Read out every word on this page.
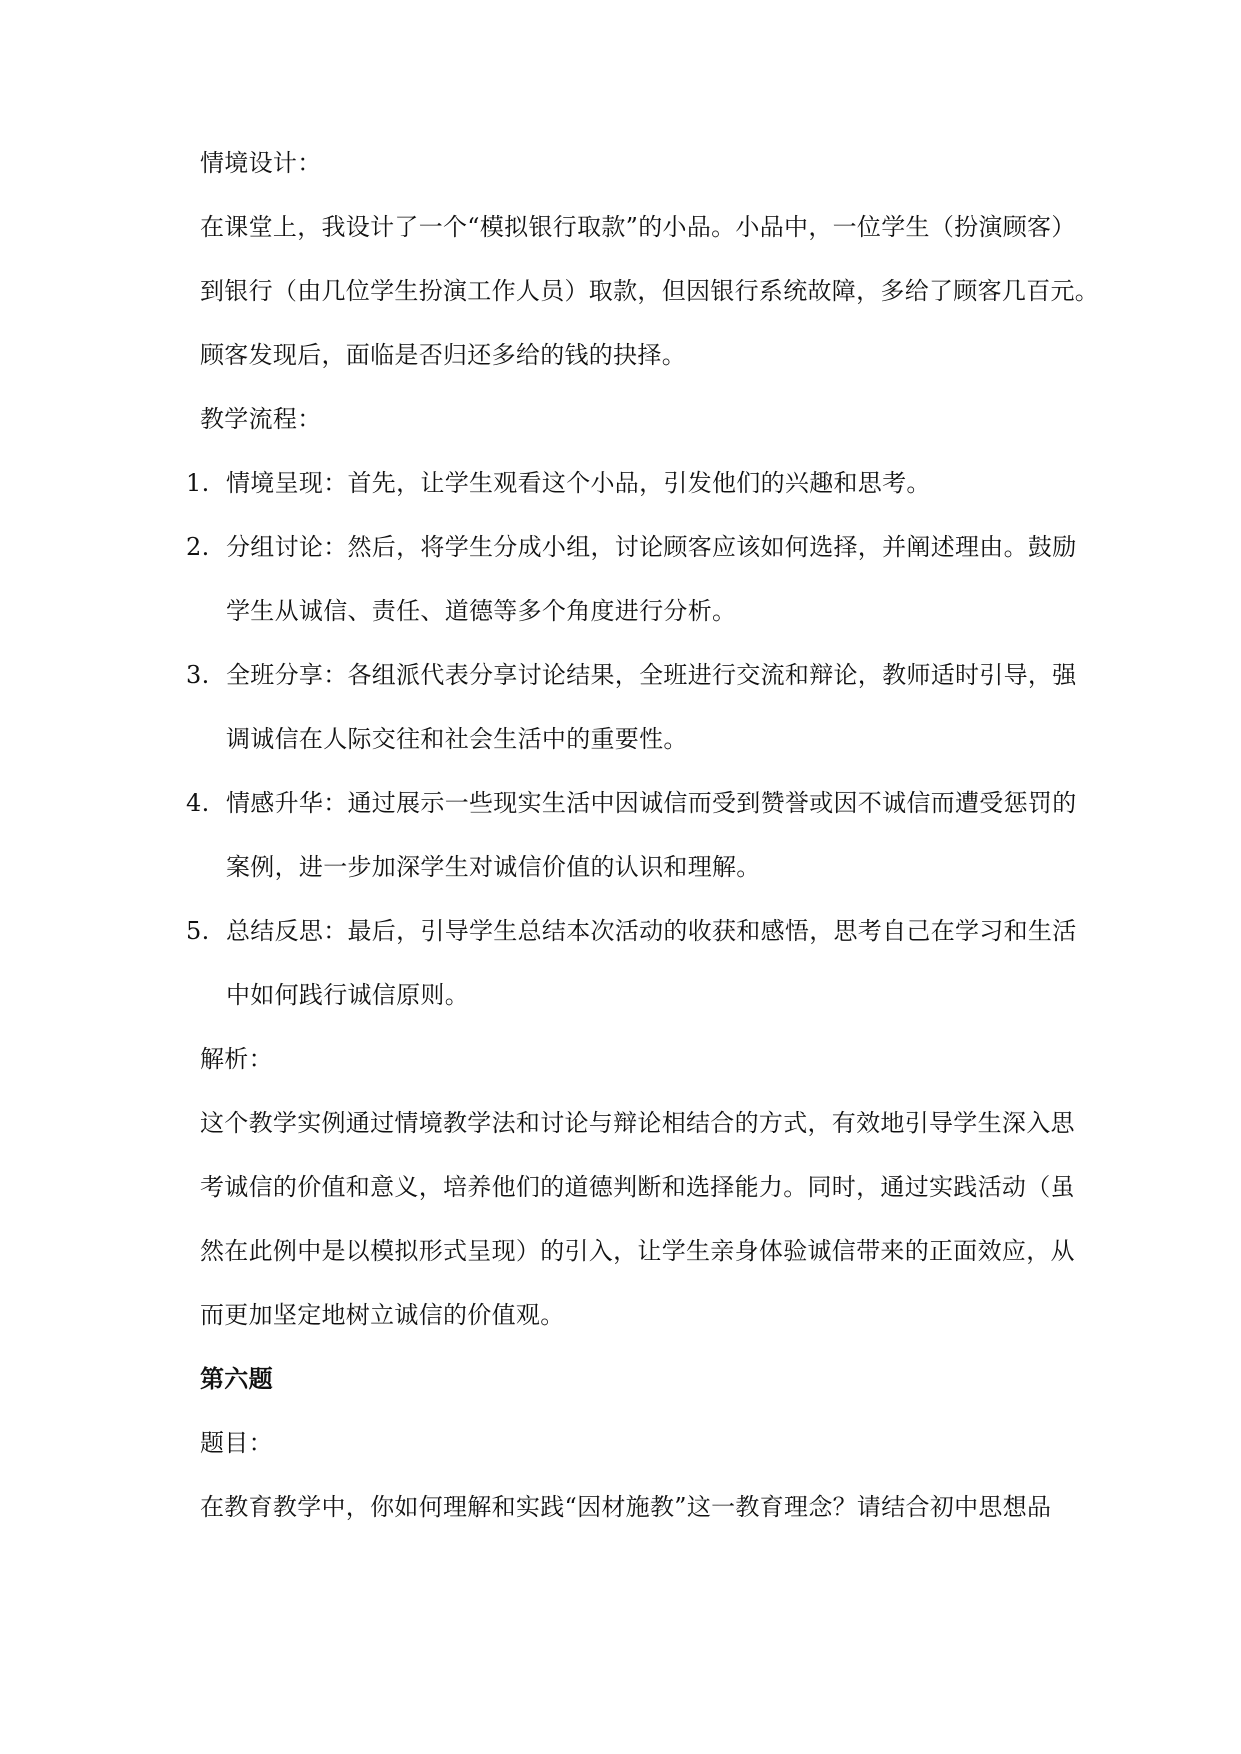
情境设计：
在课堂上，我设计了一个“模拟银行取款”的小品。小品中，一位学生（扮演顾客）
到银行（由几位学生扮演工作人员）取款，但因银行系统故障，多给了顾客几百元。
顾客发现后，面临是否归还多给的钱的抉择。
教学流程：
1. 情境呈现：首先，让学生观看这个小品，引发他们的兴趣和思考。
2. 分组讨论：然后，将学生分成小组，讨论顾客应该如何选择，并阐述理由。鼓励
学生从诚信、责任、道德等多个角度进行分析。
3. 全班分享：各组派代表分享讨论结果，全班进行交流和辩论，教师适时引导，强
调诚信在人际交往和社会生活中的重要性。
4. 情感升华：通过展示一些现实生活中因诚信而受到赞誉或因不诚信而遭受惩罚的
案例，进一步加深学生对诚信价值的认识和理解。
5. 总结反思：最后，引导学生总结本次活动的收获和感悟，思考自己在学习和生活
中如何践行诚信原则。
解析：
这个教学实例通过情境教学法和讨论与辩论相结合的方式，有效地引导学生深入思
考诚信的价值和意义，培养他们的道德判断和选择能力。同时，通过实践活动（虽
然在此例中是以模拟形式呈现）的引入，让学生亲身体验诚信带来的正面效应，从
而更加坚定地树立诚信的价值观。
第六题
题目：
在教育教学中，你如何理解和实践“因材施教”这一教育理念？请结合初中思想品
